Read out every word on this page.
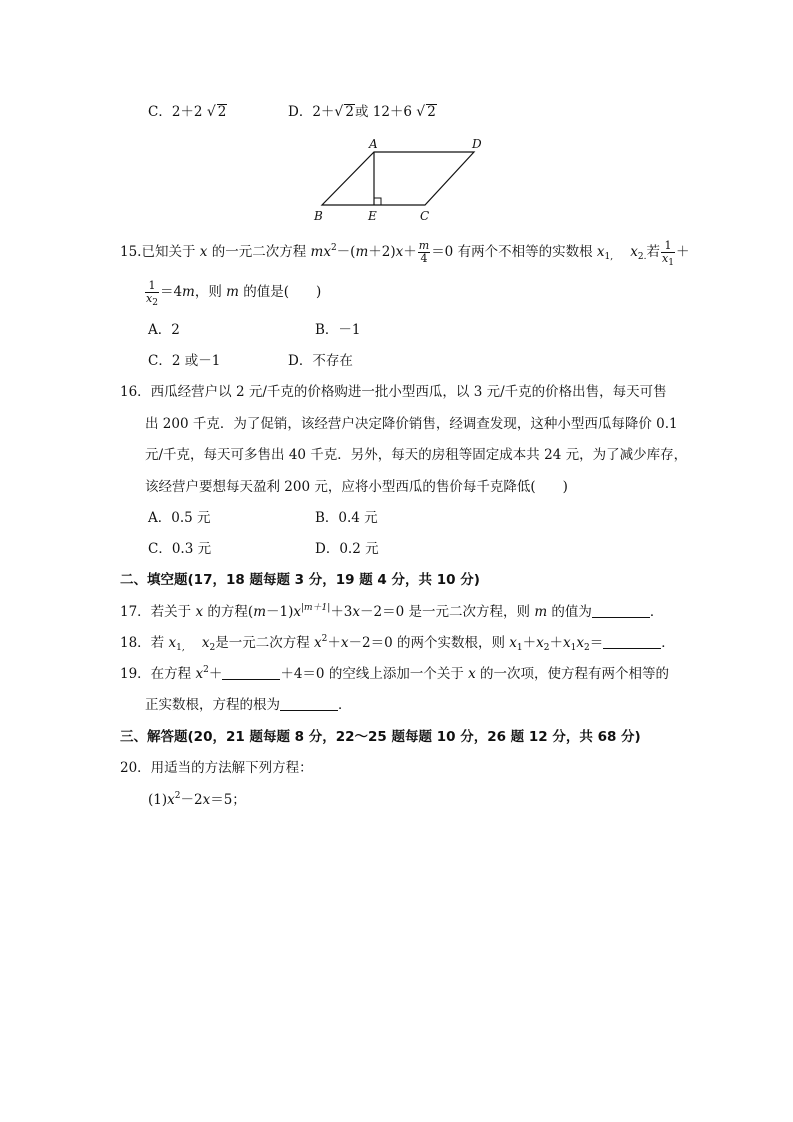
C．2＋2 √ 2	D．2＋√ 2或 12＋6 √ 2
A	D
B	E	C
15.已知关于 x 的一元二次方程 $mx^2-(m+2)x+ \frac{m}{4} =0$ 有两个不相等的实数根 $x_{1,}$ $x_{2.}$若 $\frac{1}{x_1}$ ＋
$\frac{1}{x_2} =4m$，则 m 的值是(　　)
A．2	B．－1
C．2 或－1	D．不存在
16．西瓜经营户以 2 元/千克的价格购进一批小型西瓜，以 3 元/千克的价格出售，每天可售
出 200 千克．为了促销，该经营户决定降价销售，经调查发现，这种小型西瓜每降价 0.1
元/千克，每天可多售出 40 千克．另外，每天的房租等固定成本共 24 元，为了减少库存，
该经营户要想每天盈利 200 元，应将小型西瓜的售价每千克降低(　　)
A．0.5 元	B．0.4 元
C．0.3 元	D．0.2 元
二、填空题(17，18 题每题 3 分，19 题 4 分，共 10 分)
17．若关于 x 的方程$(m-1)x^{|m+1|}+3x-2=0$ 是一元二次方程，则 m 的值为	．
18．若 $x_{1,}$ $x_2$是一元二次方程 $x^2+x-2=0$ 的两个实数根，则 $x_1+x_2+x_1x_2=$	．
19．在方程 $x^2+$	＋4＝0 的空线上添加一个关于 x 的一次项，使方程有两个相等的
正实数根，方程的根为	．
三、解答题(20，21 题每题 8 分，22～25 题每题 10 分，26 题 12 分，共 68 分)
20．用适当的方法解下列方程：
$(1)x^2-2x=5$；
